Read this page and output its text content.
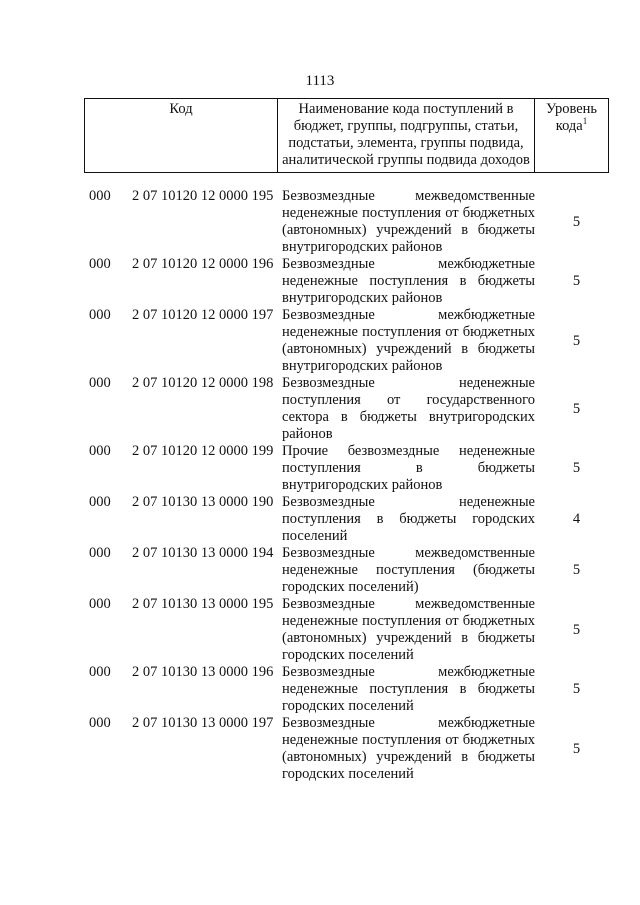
1113
Код	Наименование кода поступлений в бюджет, группы, подгруппы, статьи, подстатьи, элемента, группы подвида, аналитической группы подвида доходов	Уровень кода$^1$
000	2 07 10120 12 0000 195 Безвозмездные межведомственные неденежные поступления от бюджетных (автономных) учреждений в бюджеты внутригородских районов
5
000	2 07 10120 12 0000 196 Безвозмездные межбюджетные неденежные поступления в бюджеты внутригородских районов
5
000	2 07 10120 12 0000 197 Безвозмездные межбюджетные неденежные поступления от бюджетных (автономных) учреждений в бюджеты внутригородских районов
5
000	2 07 10120 12 0000 198 Безвозмездные неденежные поступления от государственного сектора в бюджеты внутригородских районов
5
000	2 07 10120 12 0000 199 Прочие безвозмездные неденежные поступления в бюджеты внутригородских районов
5
000	2 07 10130 13 0000 190 Безвозмездные неденежные поступления в бюджеты городских поселений
4
000	2 07 10130 13 0000 194 Безвозмездные межведомственные неденежные поступления (бюджеты городских поселений)
5
000	2 07 10130 13 0000 195 Безвозмездные межведомственные неденежные поступления от бюджетных (автономных) учреждений в бюджеты городских поселений
5
000	2 07 10130 13 0000 196 Безвозмездные межбюджетные неденежные поступления в бюджеты городских поселений
5
000	2 07 10130 13 0000 197 Безвозмездные межбюджетные неденежные поступления от бюджетных (автономных) учреждений в бюджеты городских поселений
5
